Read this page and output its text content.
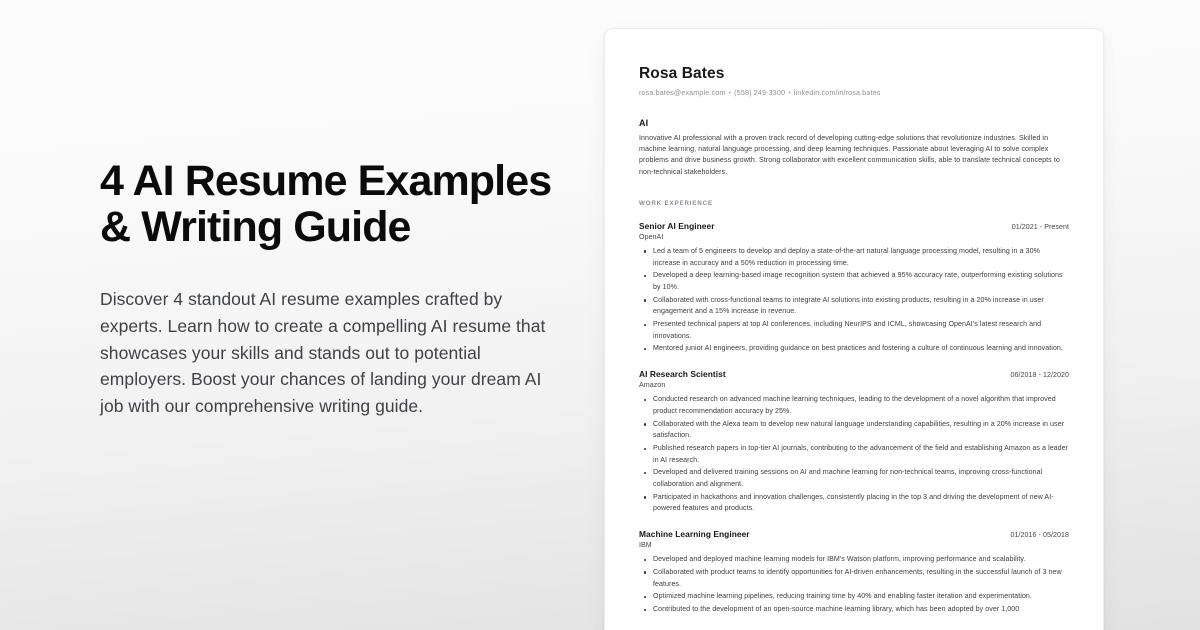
4 AI Resume Examples & Writing Guide

Discover 4 standout AI resume examples crafted by experts. Learn how to create a compelling AI resume that showcases your skills and stands out to potential employers. Boost your chances of landing your dream AI job with our comprehensive writing guide.

Rosa Bates
rosa.bates@example.com • (558) 249-3300 • linkedin.com/in/rosa.bates
AI
Innovative AI professional with a proven track record of developing cutting-edge solutions that revolutionize industries. Skilled in machine learning, natural language processing, and deep learning techniques. Passionate about leveraging AI to solve complex problems and drive business growth. Strong collaborator with excellent communication skills, able to translate technical concepts to non-technical stakeholders.
WORK EXPERIENCE
Senior AI Engineer	01/2021 - Present
OpenAI
Led a team of 5 engineers to develop and deploy a state-of-the-art natural language processing model, resulting in a 30% increase in accuracy and a 50% reduction in processing time.
Developed a deep learning-based image recognition system that achieved a 95% accuracy rate, outperforming existing solutions by 10%.
Collaborated with cross-functional teams to integrate AI solutions into existing products, resulting in a 20% increase in user engagement and a 15% increase in revenue.
Presented technical papers at top AI conferences, including NeurIPS and ICML, showcasing OpenAI's latest research and innovations.
Mentored junior AI engineers, providing guidance on best practices and fostering a culture of continuous learning and innovation.
AI Research Scientist	06/2018 - 12/2020
Amazon
Conducted research on advanced machine learning techniques, leading to the development of a novel algorithm that improved product recommendation accuracy by 25%.
Collaborated with the Alexa team to develop new natural language understanding capabilities, resulting in a 20% increase in user satisfaction.
Published research papers in top-tier AI journals, contributing to the advancement of the field and establishing Amazon as a leader in AI research.
Developed and delivered training sessions on AI and machine learning for non-technical teams, improving cross-functional collaboration and alignment.
Participated in hackathons and innovation challenges, consistently placing in the top 3 and driving the development of new AI-powered features and products.
Machine Learning Engineer	01/2016 - 05/2018
IBM
Developed and deployed machine learning models for IBM's Watson platform, improving performance and scalability.
Collaborated with product teams to identify opportunities for AI-driven enhancements, resulting in the successful launch of 3 new features.
Optimized machine learning pipelines, reducing training time by 40% and enabling faster iteration and experimentation.
Contributed to the development of an open-source machine learning library, which has been adopted by over 1,000
